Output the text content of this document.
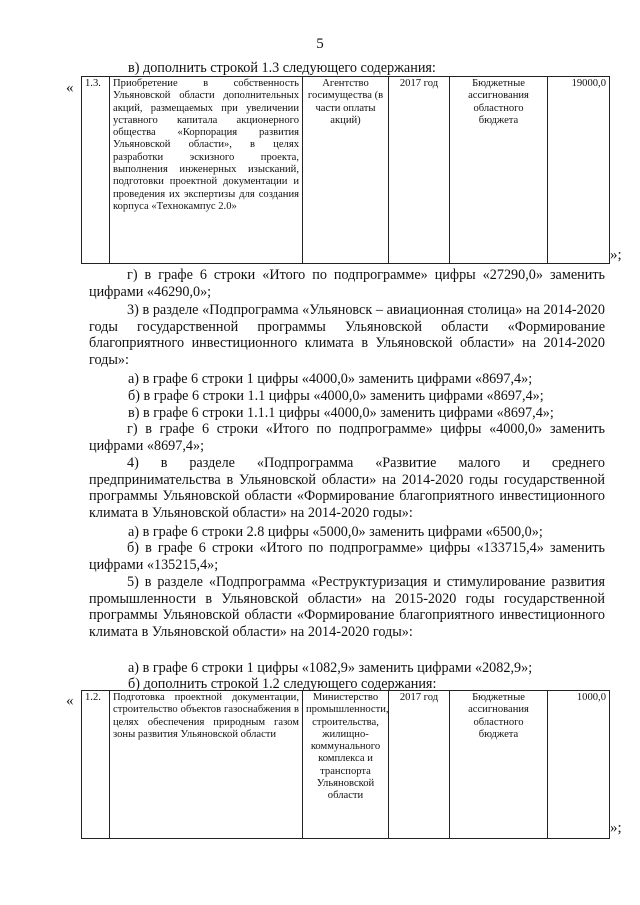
5
в) дополнить строкой 1.3 следующего содержания:
« 1.3.	Приобретение в собственность Ульяновской области дополнительных акций, размещаемых при увеличении уставного капитала акционерного общества «Корпорация развития Ульяновской области», в целях разработки эскизного проекта, выполнения инженерных изысканий, подготовки проектной документации и проведения их экспертизы для создания корпуса «Технокампус 2.0»	Агентство госимущества (в части оплаты акций)	2017 год	Бюджетные ассигнования областного бюджета	19000,0
»;
г) в графе 6 строки «Итого по подпрограмме» цифры «27290,0» заменить цифрами «46290,0»;
3) в разделе «Подпрограмма «Ульяновск – авиационная столица» на 2014-2020 годы государственной программы Ульяновской области «Формирование благоприятного инвестиционного климата в Ульяновской области» на 2014-2020 годы»:
а) в графе 6 строки 1 цифры «4000,0» заменить цифрами «8697,4»;
б) в графе 6 строки 1.1 цифры «4000,0» заменить цифрами «8697,4»;
в) в графе 6 строки 1.1.1 цифры «4000,0» заменить цифрами «8697,4»;
г) в графе 6 строки «Итого по подпрограмме» цифры «4000,0» заменить цифрами «8697,4»;
4) в разделе «Подпрограмма «Развитие малого и среднего предпринимательства в Ульяновской области» на 2014-2020 годы государственной программы Ульяновской области «Формирование благоприятного инвестиционного климата в Ульяновской области» на 2014-2020 годы»:
а) в графе 6 строки 2.8 цифры «5000,0» заменить цифрами «6500,0»;
б) в графе 6 строки «Итого по подпрограмме» цифры «133715,4» заменить цифрами «135215,4»;
5) в разделе «Подпрограмма «Реструктуризация и стимулирование развития промышленности в Ульяновской области» на 2015-2020 годы государственной программы Ульяновской области «Формирование благоприятного инвестиционного климата в Ульяновской области» на 2014-2020 годы»:
а) в графе 6 строки 1 цифры «1082,9» заменить цифрами «2082,9»;
б) дополнить строкой 1.2 следующего содержания:
« 1.2.	Подготовка проектной документации, строительство объектов газоснабжения в целях обеспечения природным газом зоны развития Ульяновской области	Министерство промышленности, строительства, жилищно-коммунального комплекса и транспорта Ульяновской области	2017 год	Бюджетные ассигнования областного бюджета	1000,0
»;
